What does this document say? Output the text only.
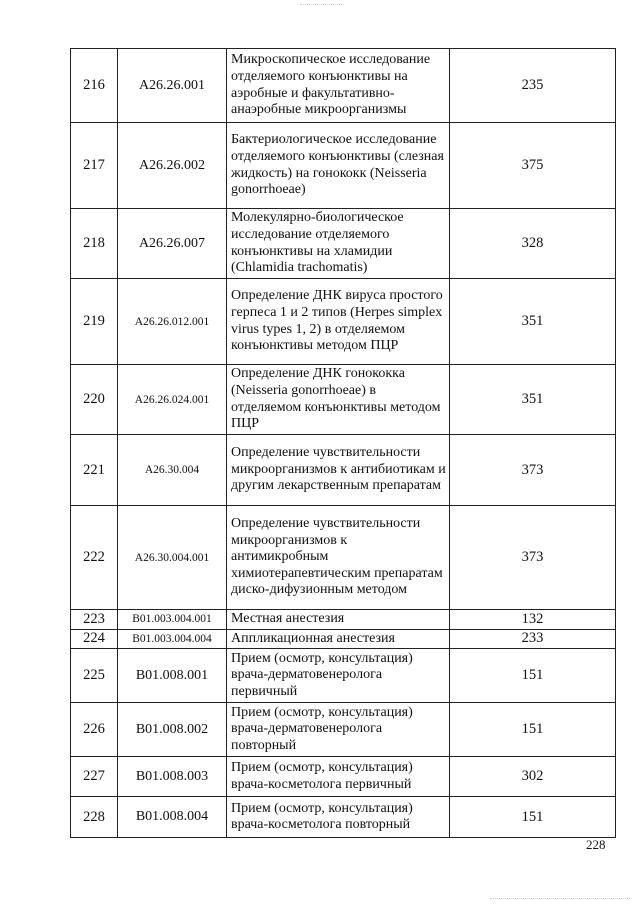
216	A26.26.001	Микроскопическое исследование отделяемого конъюнктивы на аэробные и факультативно-анаэробные микроорганизмы	235
217	A26.26.002	Бактериологическое исследование отделяемого конъюнктивы (слезная жидкость) на гонококк (Neisseria gonorrhoeae)	375
218	A26.26.007	Молекулярно-биологическое исследование отделяемого конъюнктивы на хламидии (Chlamidia trachomatis)	328
219	A26.26.012.001	Определение ДНК вируса простого герпеса 1 и 2 типов (Herpes simplex virus types 1, 2) в отделяемом конъюнктивы методом ПЦР	351
220	A26.26.024.001	Определение ДНК гонококка (Neisseria gonorrhoeae) в отделяемом конъюнктивы методом ПЦР	351
221	A26.30.004	Определение чувствительности микроорганизмов к антибиотикам и другим лекарственным препаратам	373
222	A26.30.004.001	Определение чувствительности микроорганизмов к антимикробным химиотерапевтическим препаратам диско-дифузионным методом	373
223	B01.003.004.001	Местная анестезия	132
224	B01.003.004.004	Аппликационная анестезия	233
225	B01.008.001	Прием (осмотр, консультация) врача-дерматовенеролога первичный	151
226	B01.008.002	Прием (осмотр, консультация) врача-дерматовенеролога повторный	151
227	B01.008.003	Прием (осмотр, консультация) врача-косметолога первичный	302
228	B01.008.004	Прием (осмотр, консультация) врача-косметолога повторный	151
228
